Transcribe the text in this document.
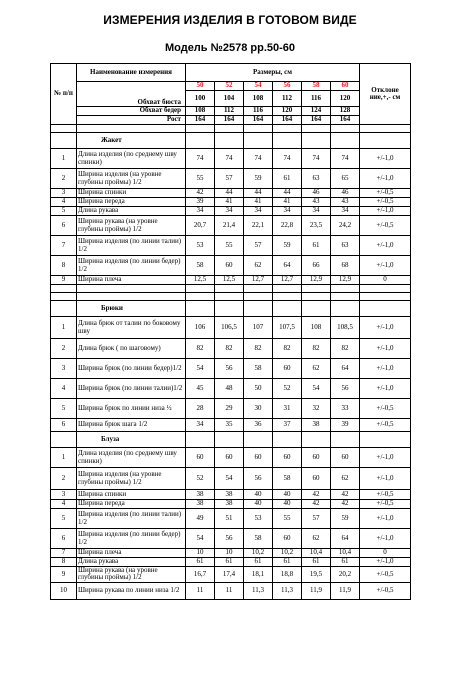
ИЗМЕРЕНИЯ ИЗДЕЛИЯ В ГОТОВОМ ВИДЕ
Модель №2578 рр.50-60
№ п/п	Наименование измерения	Размеры, см						Отклоне ние,+,- см
	Обхват бюста	50	52	54	56	58	60	
		100	104	108	112	116	120	
	Обхват бедер	108	112	116	120	124	128	
	Рост	164	164	164	164	164	164	

	Жакет							
1	Длина изделия (по среднему шву спинки)	74	74	74	74	74	74	+/-1,0
2	Ширина изделия (на уровне глубины проймы) 1/2	55	57	59	61	63	65	+/-1,0
3	Ширина спинки	42	44	44	44	46	46	+/-0,5
4	Ширина переда	39	41	41	41	43	43	+/-0,5
5	Длина рукава	34	34	34	34	34	34	+/-1,0
6	Ширина рукава (на уровне глубины проймы) 1/2	20,7	21,4	22,1	22,8	23,5	24,2	+/-0,5
7	Ширина изделия (по линии талии) 1/2	53	55	57	59	61	63	+/-1,0
8	Ширина изделия (по линии бедер) 1/2	58	60	62	64	66	68	+/-1,0
9	Ширина плеча	12,5	12,5	12,7	12,7	12,9	12,9	0

	Брюки							
1	Длина брюк от талии по боковому шву	106	106,5	107	107,5	108	108,5	+/-1,0
2	Длина брюк ( по шаговому)	82	82	82	82	82	82	+/-1,0
3	Ширина брюк (по линии бедер)1/2	54	56	58	60	62	64	+/-1,0
4	Ширина брюк (по линии талии)1/2	45	48	50	52	54	56	+/-1,0
5	Ширина брюк по линии низа ½	28	29	30	31	32	33	+/-0,5
6	Ширина брюк шага 1/2	34	35	36	37	38	39	+/-0,5
	Блуза							
1	Длина изделия (по среднему шву спинки)	60	60	60	60	60	60	+/-1,0
2	Ширина изделия (на уровне глубины проймы) 1/2	52	54	56	58	60	62	+/-1,0
3	Ширина спинки	38	38	40	40	42	42	+/-0,5
4	Ширина переда	38	38	40	40	42	42	+/-0,5
5	Ширина изделия (по линии талии) 1/2	49	51	53	55	57	59	+/-1,0
6	Ширина изделия (по линии бедер) 1/2	54	56	58	60	62	64	+/-1,0
7	Ширина плеча	10	10	10,2	10,2	10,4	10,4	0
8	Длина рукава	61	61	61	61	61	61	+/-1,0
9	Ширина рукава (на уровне глубины проймы) 1/2	16,7	17,4	18,1	18,8	19,5	20,2	+/-0,5
10	Ширина рукава по линии низа 1/2	11	11	11,3	11,3	11,9	11,9	+/-0,5
